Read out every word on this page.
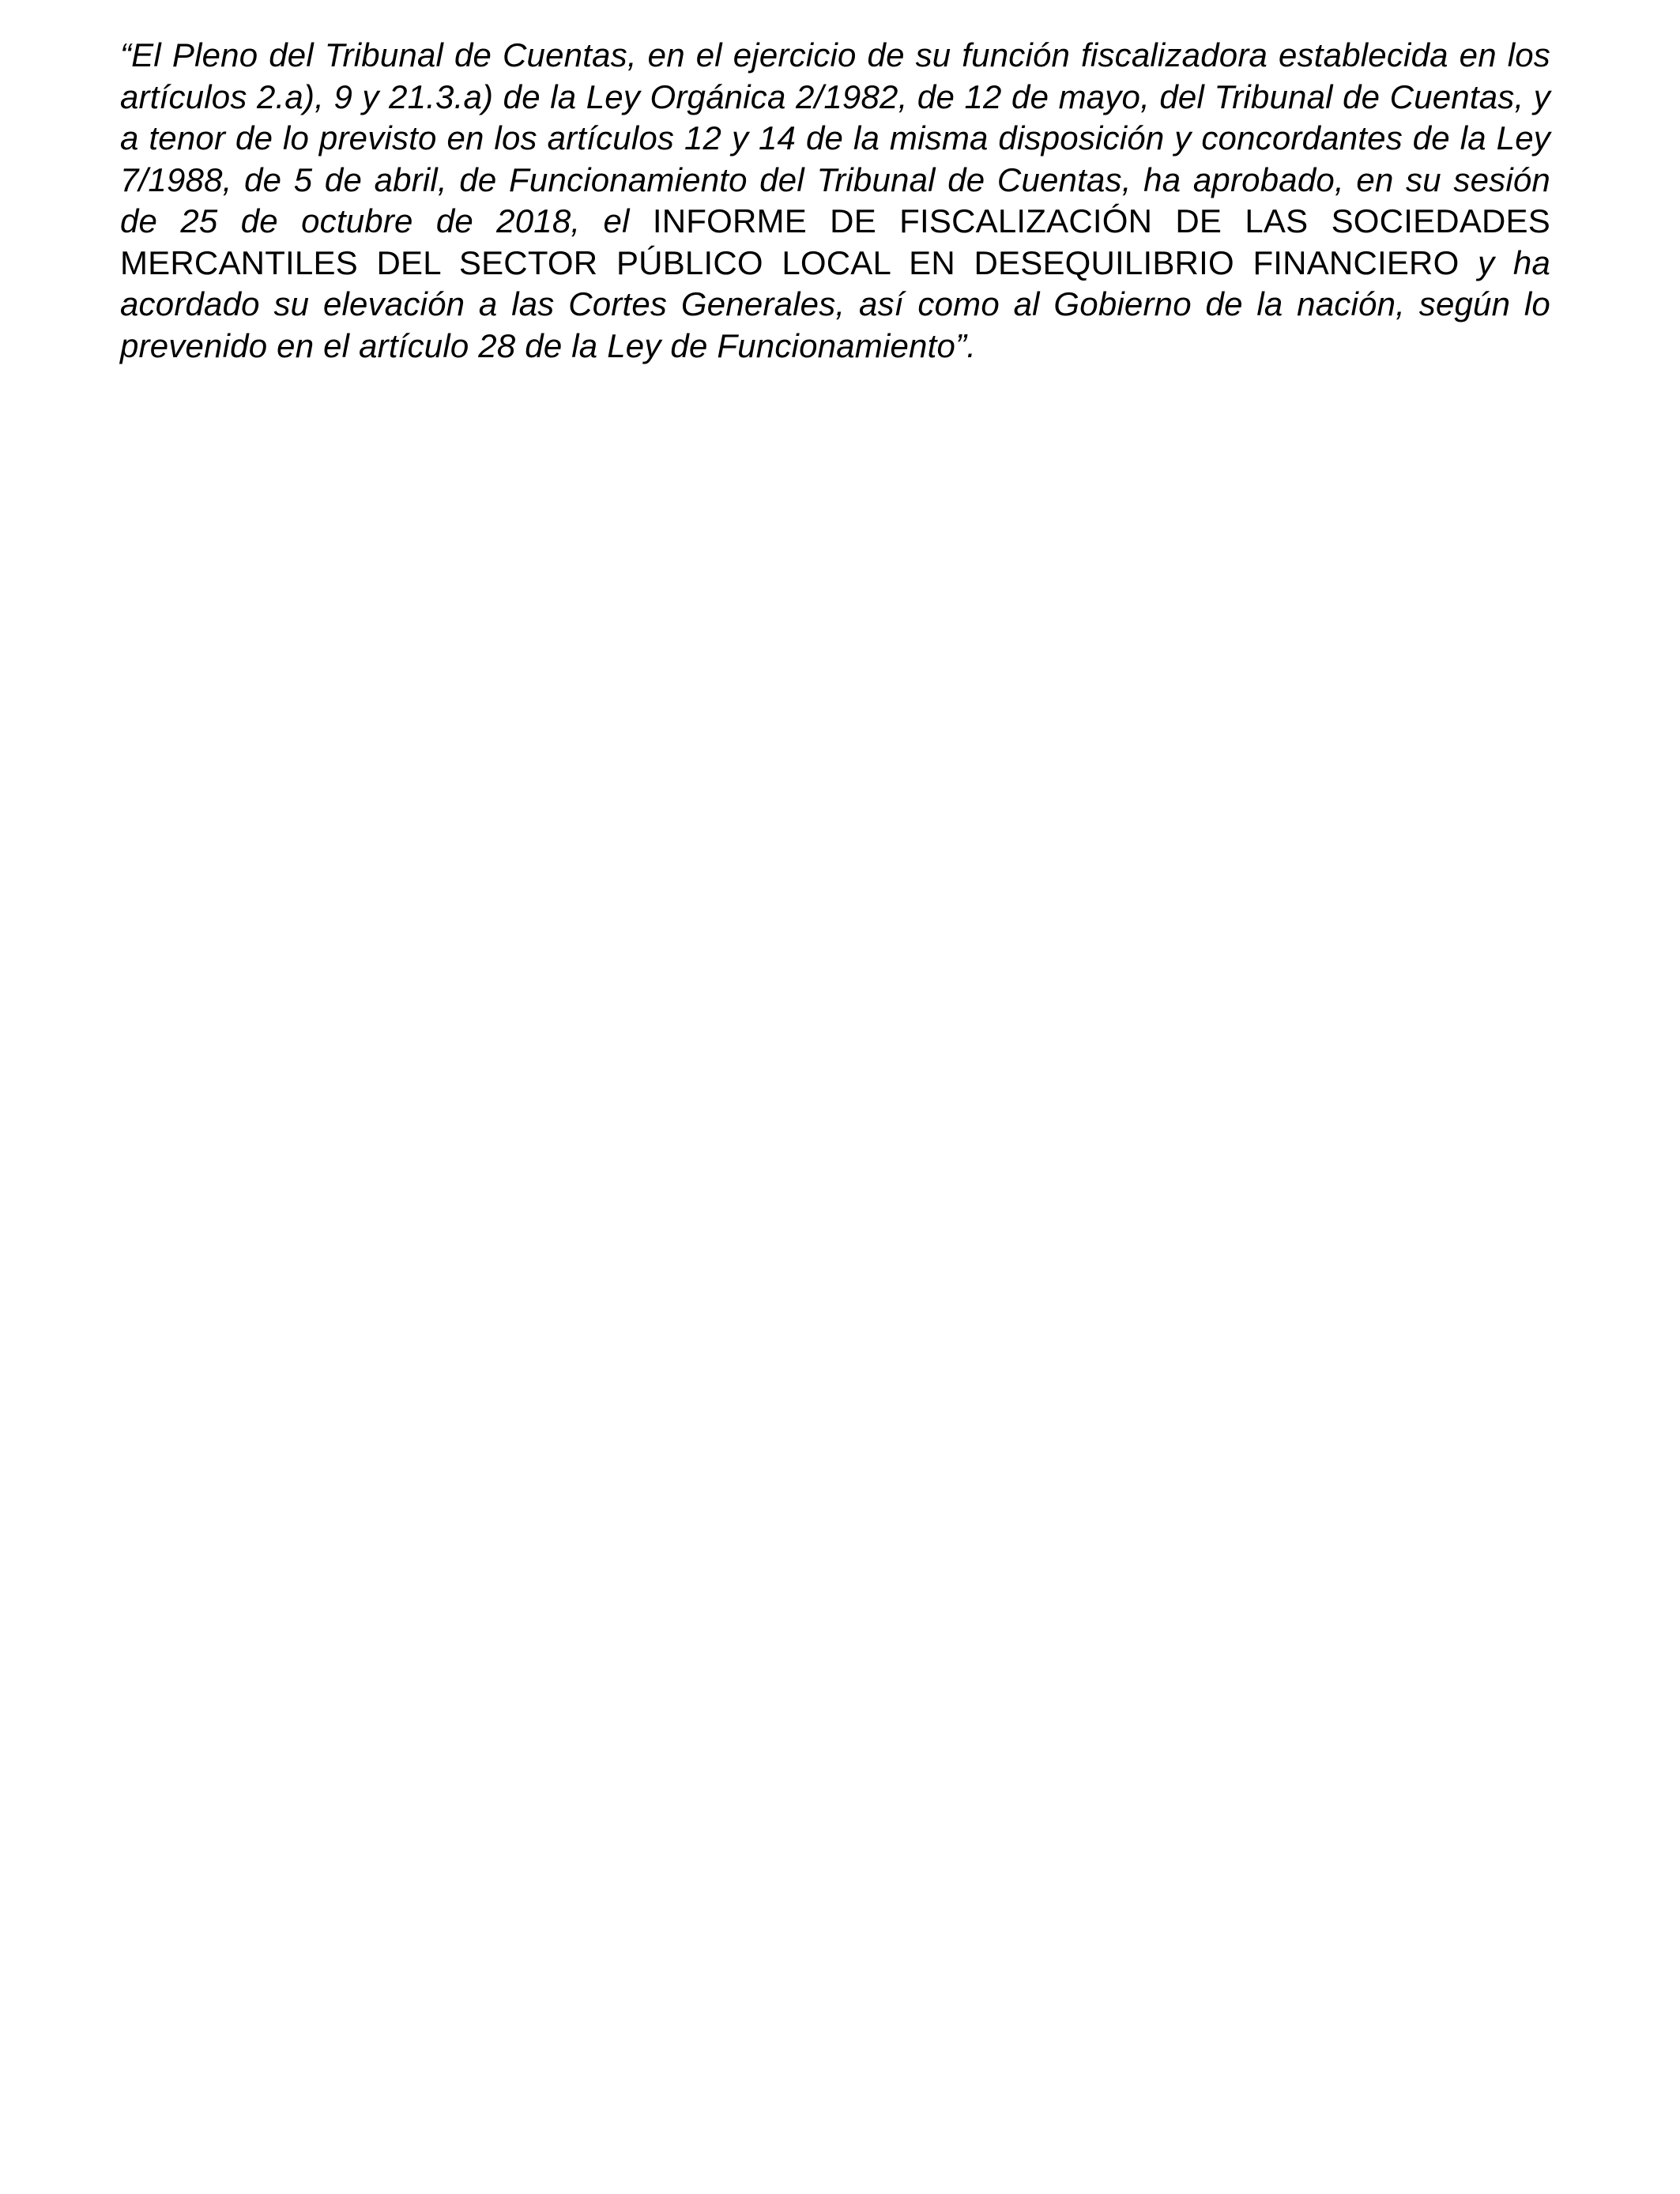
“El Pleno del Tribunal de Cuentas, en el ejercicio de su función fiscalizadora establecida en los artículos 2.a), 9 y 21.3.a) de la Ley Orgánica 2/1982, de 12 de mayo, del Tribunal de Cuentas, y a tenor de lo previsto en los artículos 12 y 14 de la misma disposición y concordantes de la Ley 7/1988, de 5 de abril, de Funcionamiento del Tribunal de Cuentas, ha aprobado, en su sesión de 25 de octubre de 2018, el INFORME DE FISCALIZACIÓN DE LAS SOCIEDADES MERCANTILES DEL SECTOR PÚBLICO LOCAL EN DESEQUILIBRIO FINANCIERO y ha acordado su elevación a las Cortes Generales, así como al Gobierno de la nación, según lo prevenido en el artículo 28 de la Ley de Funcionamiento”.
